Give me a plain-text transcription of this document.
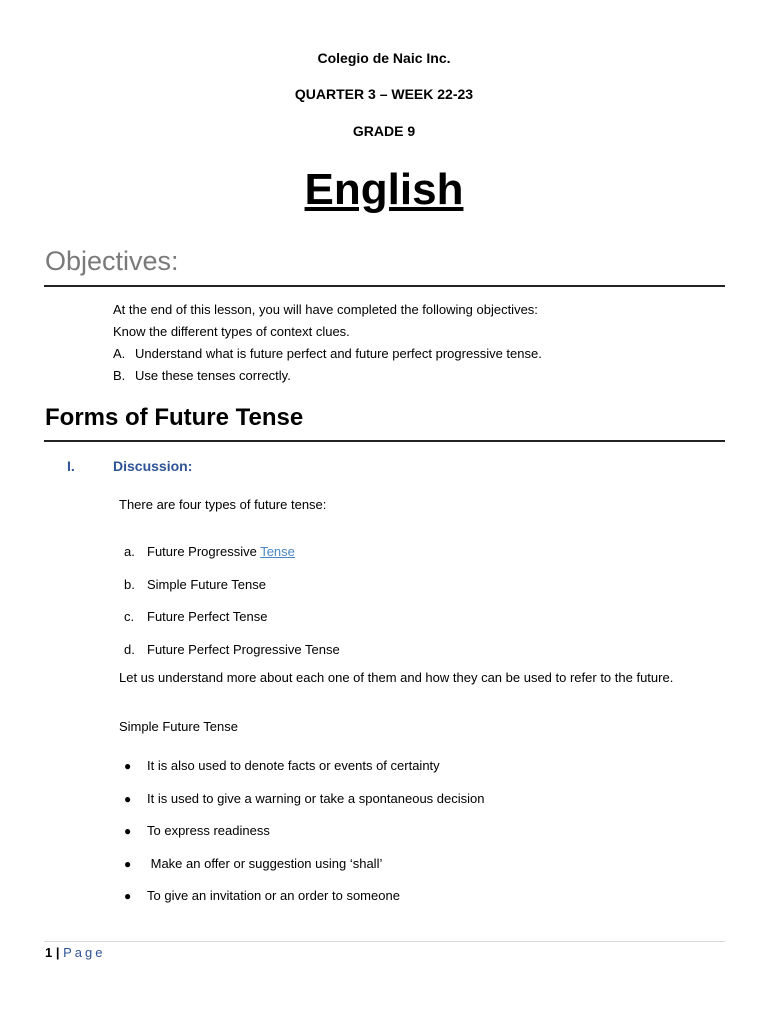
Colegio de Naic Inc.
QUARTER 3 – WEEK 22-23
GRADE 9
English
Objectives:
At the end of this lesson, you will have completed the following objectives:
Know the different types of context clues.
A. Understand what is future perfect and future perfect progressive tense.
B. Use these tenses correctly.
Forms of Future Tense
I.	Discussion:
There are four types of future tense:
a. Future Progressive Tense
b. Simple Future Tense
c. Future Perfect Tense
d. Future Perfect Progressive Tense
Let us understand more about each one of them and how they can be used to refer to the future.
Simple Future Tense
● It is also used to denote facts or events of certainty
● It is used to give a warning or take a spontaneous decision
● To express readiness
● Make an offer or suggestion using ‘shall’
● To give an invitation or an order to someone
1 | Page
